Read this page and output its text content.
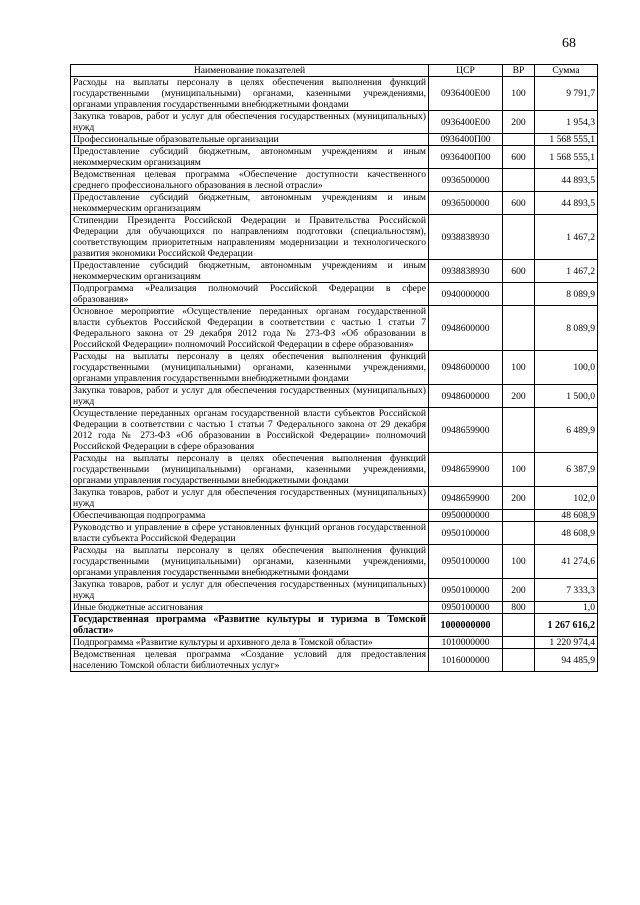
68
Наименование показателей	ЦСР	ВР	Сумма
Расходы на выплаты персоналу в целях обеспечения выполнения функций государственными (муниципальными) органами, казенными учреждениями, органами управления государственными внебюджетными фондами	0936400Е00	100	9 791,7
Закупка товаров, работ и услуг для обеспечения государственных (муниципальных) нужд	0936400Е00	200	1 954,3
Профессиональные образовательные организации	0936400П00		1 568 555,1
Предоставление субсидий бюджетным, автономным учреждениям и иным некоммерческим организациям	0936400П00	600	1 568 555,1
Ведомственная целевая программа «Обеспечение доступности качественного среднего профессионального образования в лесной отрасли»	0936500000		44 893,5
Предоставление субсидий бюджетным, автономным учреждениям и иным некоммерческим организациям	0936500000	600	44 893,5
Стипендии Президента Российской Федерации и Правительства Российской Федерации для обучающихся по направлениям подготовки (специальностям), соответствующим приоритетным направлениям модернизации и технологического развития экономики Российской Федерации	0938838930		1 467,2
Предоставление субсидий бюджетным, автономным учреждениям и иным некоммерческим организациям	0938838930	600	1 467,2
Подпрограмма «Реализация полномочий Российской Федерации в сфере образования»	0940000000		8 089,9
Основное мероприятие «Осуществление переданных органам государственной власти субъектов Российской Федерации в соответствии с частью 1 статьи 7 Федерального закона от 29 декабря 2012 года № 273-ФЗ «Об образовании в Российской Федерации» полномочий Российской Федерации в сфере образования»	0948600000		8 089,9
Расходы на выплаты персоналу в целях обеспечения выполнения функций государственными (муниципальными) органами, казенными учреждениями, органами управления государственными внебюджетными фондами	0948600000	100	100,0
Закупка товаров, работ и услуг для обеспечения государственных (муниципальных) нужд	0948600000	200	1 500,0
Осуществление переданных органам государственной власти субъектов Российской Федерации в соответствии с частью 1 статьи 7 Федерального закона от 29 декабря 2012 года № 273-ФЗ «Об образовании в Российской Федерации» полномочий Российской Федерации в сфере образования	0948659900		6 489,9
Расходы на выплаты персоналу в целях обеспечения выполнения функций государственными (муниципальными) органами, казенными учреждениями, органами управления государственными внебюджетными фондами	0948659900	100	6 387,9
Закупка товаров, работ и услуг для обеспечения государственных (муниципальных) нужд	0948659900	200	102,0
Обеспечивающая подпрограмма	0950000000		48 608,9
Руководство и управление в сфере установленных функций органов государственной власти субъекта Российской Федерации	0950100000		48 608,9
Расходы на выплаты персоналу в целях обеспечения выполнения функций государственными (муниципальными) органами, казенными учреждениями, органами управления государственными внебюджетными фондами	0950100000	100	41 274,6
Закупка товаров, работ и услуг для обеспечения государственных (муниципальных) нужд	0950100000	200	7 333,3
Иные бюджетные ассигнования	0950100000	800	1,0
Государственная программа «Развитие культуры и туризма в Томской области»	1000000000		1 267 616,2
Подпрограмма «Развитие культуры и архивного дела в Томской области»	1010000000		1 220 974,4
Ведомственная целевая программа «Создание условий для предоставления населению Томской области библиотечных услуг»	1016000000		94 485,9
